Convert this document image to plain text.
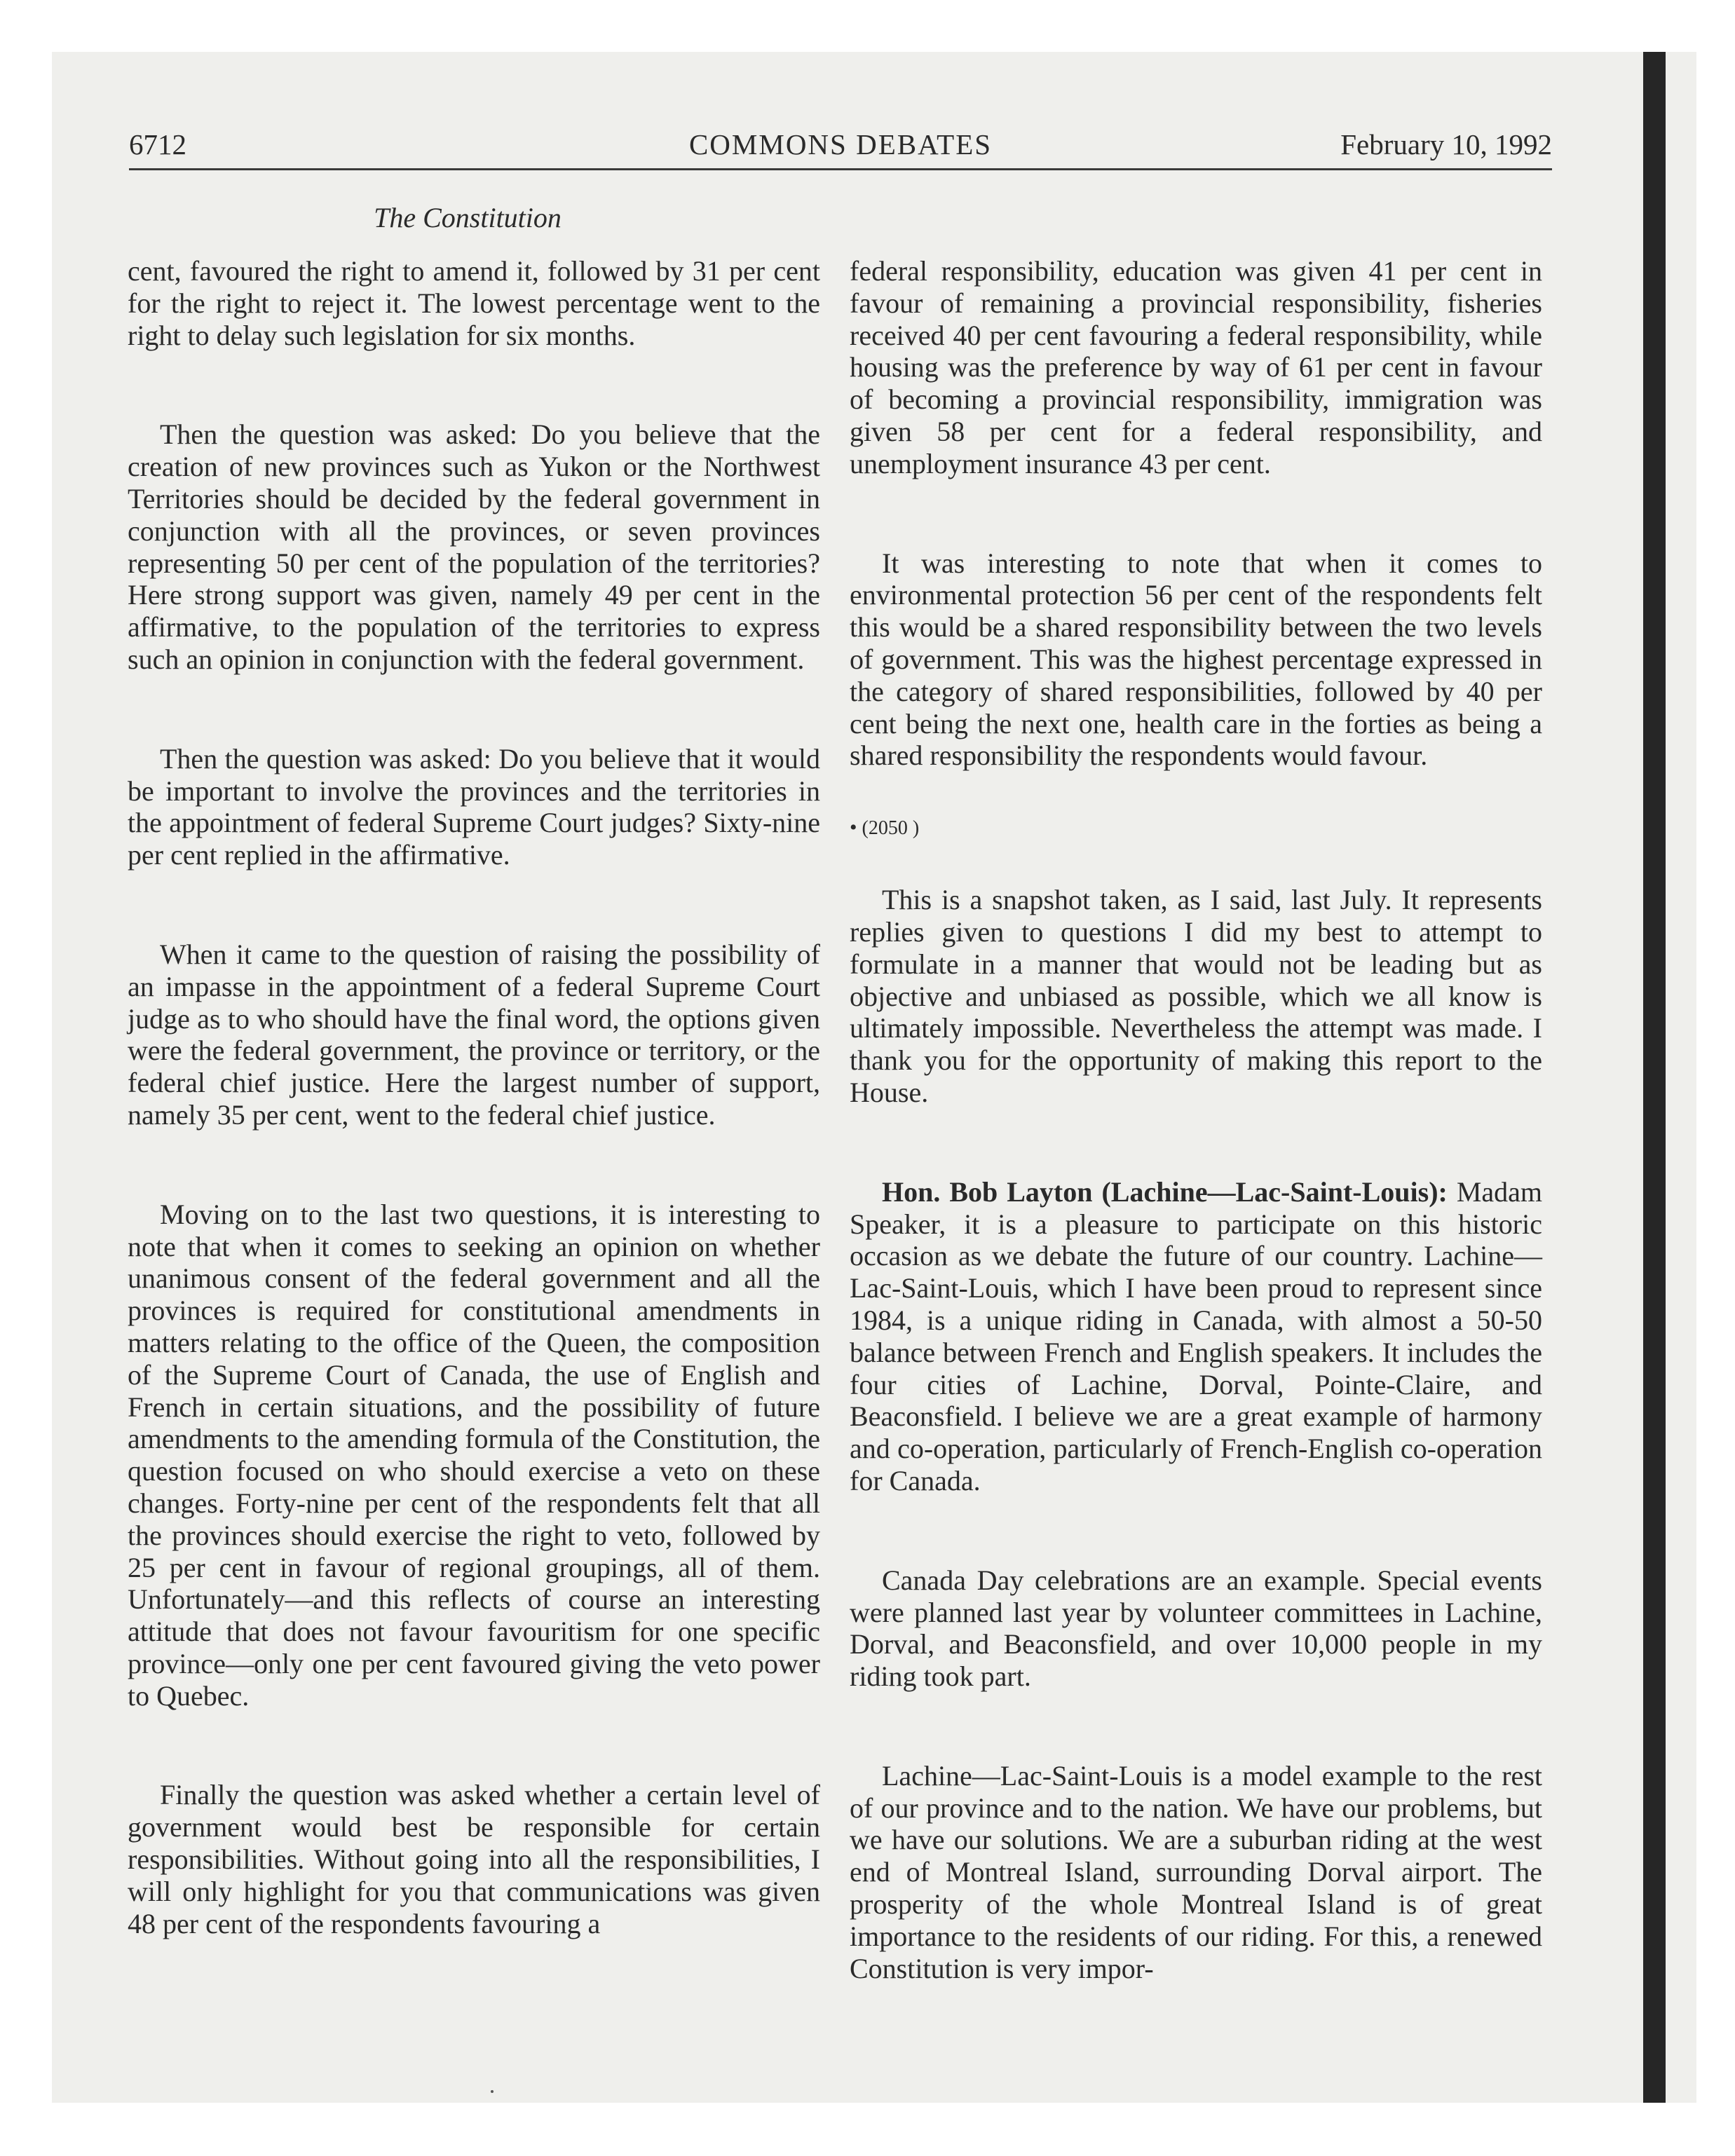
6712	COMMONS DEBATES	February 10, 1992
The Constitution

cent, favoured the right to amend it, followed by 31 per cent for the right to reject it. The lowest percentage went to the right to delay such legislation for six months.

Then the question was asked: Do you believe that the creation of new provinces such as Yukon or the Northwest Territories should be decided by the federal government in conjunction with all the provinces, or seven provinces representing 50 per cent of the population of the territories? Here strong support was given, namely 49 per cent in the affirmative, to the population of the territories to express such an opinion in conjunction with the federal government.

Then the question was asked: Do you believe that it would be important to involve the provinces and the territories in the appointment of federal Supreme Court judges? Sixty-nine per cent replied in the affirmative.

When it came to the question of raising the possibility of an impasse in the appointment of a federal Supreme Court judge as to who should have the final word, the options given were the federal government, the province or territory, or the federal chief justice. Here the largest number of support, namely 35 per cent, went to the federal chief justice.

Moving on to the last two questions, it is interesting to note that when it comes to seeking an opinion on whether unanimous consent of the federal government and all the provinces is required for constitutional amendments in matters relating to the office of the Queen, the composition of the Supreme Court of Canada, the use of English and French in certain situations, and the possibility of future amendments to the amending formula of the Constitution, the question focused on who should exercise a veto on these changes. Forty-nine per cent of the respondents felt that all the provinces should exercise the right to veto, followed by 25 per cent in favour of regional groupings, all of them. Unfortunately—and this reflects of course an interesting attitude that does not favour favouritism for one specific province—only one per cent favoured giving the veto power to Quebec.

Finally the question was asked whether a certain level of government would best be responsible for certain responsibilities. Without going into all the responsibilities, I will only highlight for you that communications was given 48 per cent of the respondents favouring a

federal responsibility, education was given 41 per cent in favour of remaining a provincial responsibility, fisheries received 40 per cent favouring a federal responsibility, while housing was the preference by way of 61 per cent in favour of becoming a provincial responsibility, immigration was given 58 per cent for a federal responsibility, and unemployment insurance 43 per cent.

It was interesting to note that when it comes to environmental protection 56 per cent of the respondents felt this would be a shared responsibility between the two levels of government. This was the highest percentage expressed in the category of shared responsibilities, followed by 40 per cent being the next one, health care in the forties as being a shared responsibility the respondents would favour.

• (2050 )

This is a snapshot taken, as I said, last July. It represents replies given to questions I did my best to attempt to formulate in a manner that would not be leading but as objective and unbiased as possible, which we all know is ultimately impossible. Nevertheless the attempt was made. I thank you for the opportunity of making this report to the House.

Hon. Bob Layton (Lachine—Lac-Saint-Louis): Madam Speaker, it is a pleasure to participate on this historic occasion as we debate the future of our country. Lachine—Lac-Saint-Louis, which I have been proud to represent since 1984, is a unique riding in Canada, with almost a 50-50 balance between French and English speakers. It includes the four cities of Lachine, Dorval, Pointe-Claire, and Beaconsfield. I believe we are a great example of harmony and co-operation, particularly of French-English co-operation for Canada.

Canada Day celebrations are an example. Special events were planned last year by volunteer committees in Lachine, Dorval, and Beaconsfield, and over 10,000 people in my riding took part.

Lachine—Lac-Saint-Louis is a model example to the rest of our province and to the nation. We have our problems, but we have our solutions. We are a suburban riding at the west end of Montreal Island, surrounding Dorval airport. The prosperity of the whole Montreal Island is of great importance to the residents of our riding. For this, a renewed Constitution is very impor-
